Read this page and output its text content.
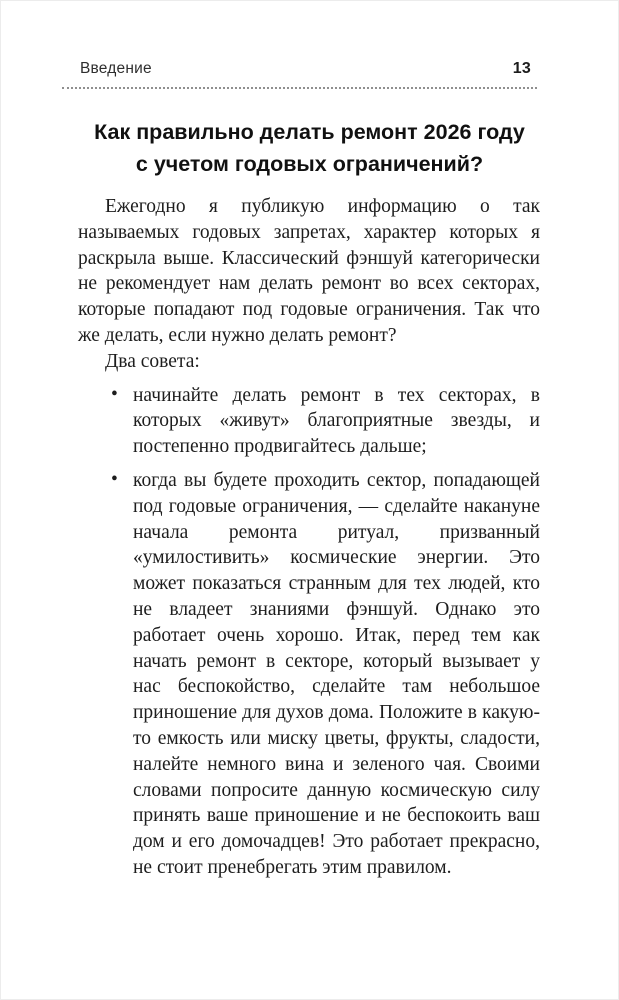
Введение	13
Как правильно делать ремонт 2026 году
с учетом годовых ограничений?

Ежегодно я публикую информацию о так называемых годовых запретах, характер которых я раскрыла выше. Классический фэншуй категорически не рекомендует нам делать ремонт во всех секторах, которые попадают под годовые ограничения. Так что же делать, если нужно делать ремонт?

Два совета:

• начинайте делать ремонт в тех секторах, в которых «живут» благоприятные звезды, и постепенно продвигайтесь дальше;
• когда вы будете проходить сектор, попадающей под годовые ограничения, — сделайте накануне начала ремонта ритуал, призванный «умилостивить» космические энергии. Это может показаться странным для тех людей, кто не владеет знаниями фэншуй. Однако это работает очень хорошо. Итак, перед тем как начать ремонт в секторе, который вызывает у нас беспокойство, сделайте там небольшое приношение для духов дома. Положите в какую-то емкость или миску цветы, фрукты, сладости, налейте немного вина и зеленого чая. Своими словами попросите данную космическую силу принять ваше приношение и не беспокоить ваш дом и его домочадцев! Это работает прекрасно, не стоит пренебрегать этим правилом.
